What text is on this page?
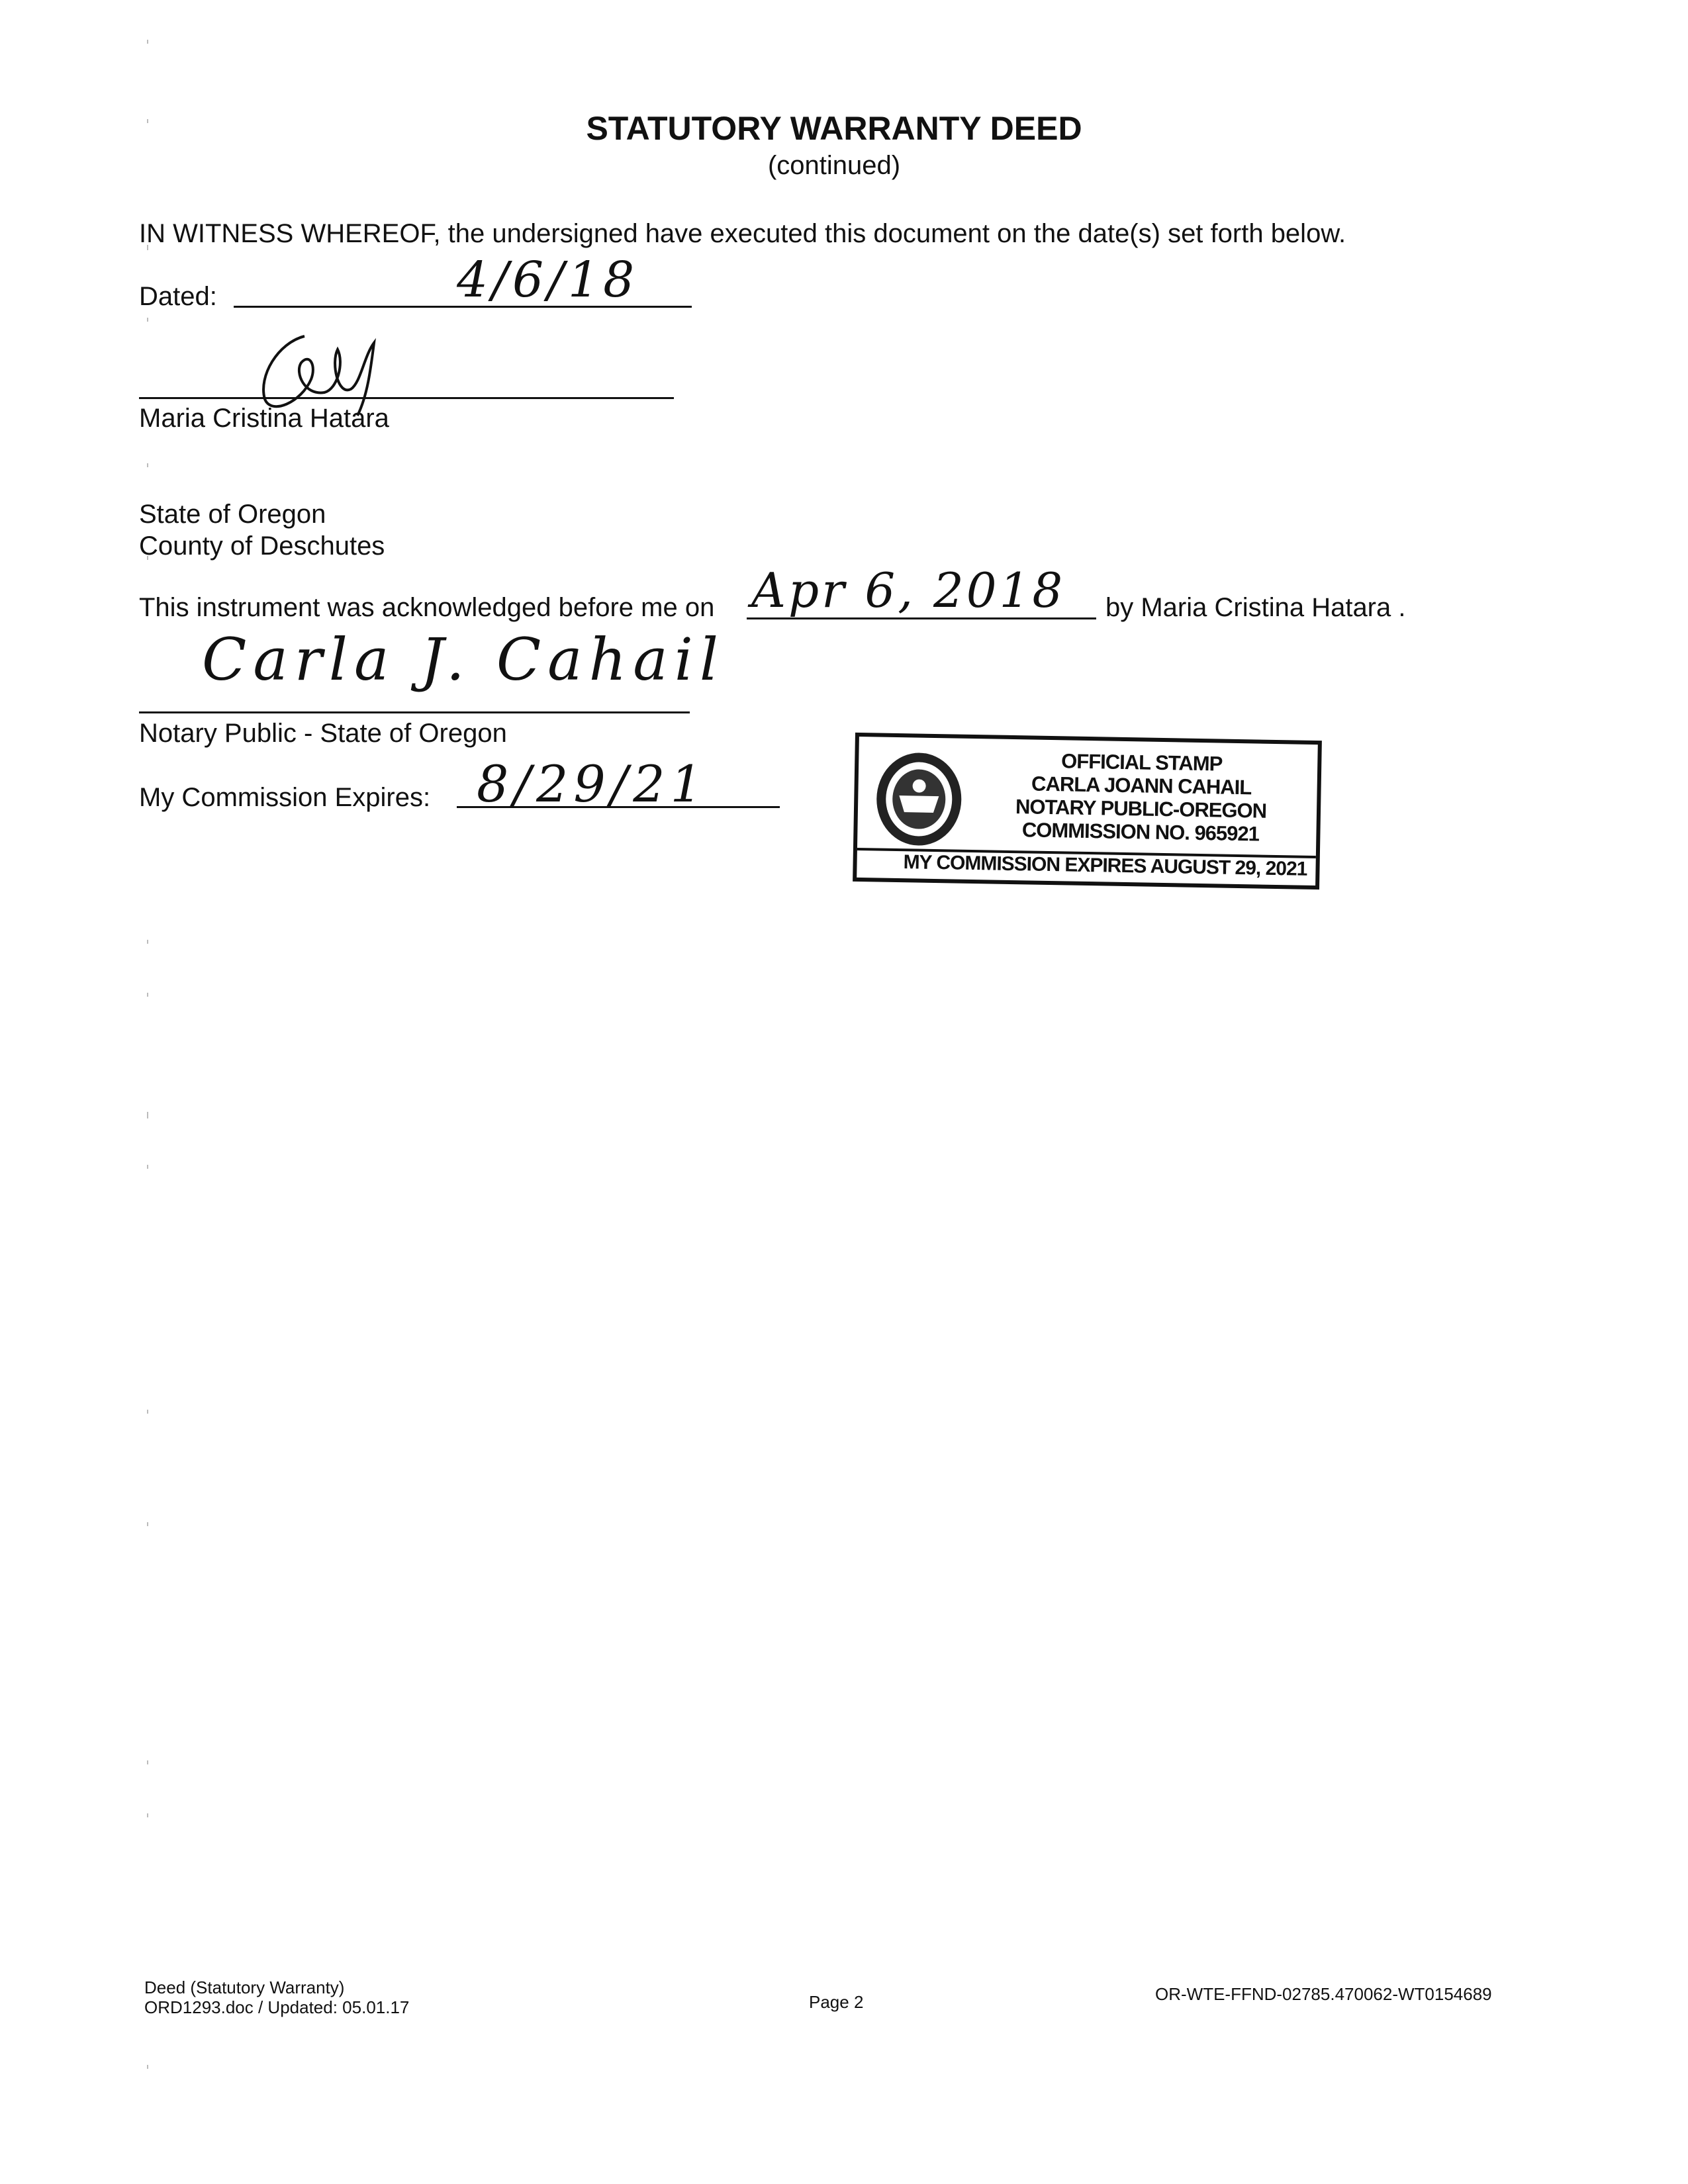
STATUTORY WARRANTY DEED
(continued)
IN WITNESS WHEREOF, the undersigned have executed this document on the date(s) set forth below.
Dated:	4/6/18
Maria Cristina Hatara
State of Oregon
County of Deschutes
This instrument was acknowledged before me on Apr 6, 2018 by Maria Cristina Hatara .
Carla J. Cahail
Notary Public - State of Oregon
My Commission Expires: 8/29/21	OFFICIAL STAMP
CARLA JOANN CAHAIL
NOTARY PUBLIC-OREGON
COMMISSION NO. 965921
MY COMMISSION EXPIRES AUGUST 29, 2021
Deed (Statutory Warranty)
ORD1293.doc / Updated: 05.01.17	Page 2	OR-WTE-FFND-02785.470062-WT0154689
